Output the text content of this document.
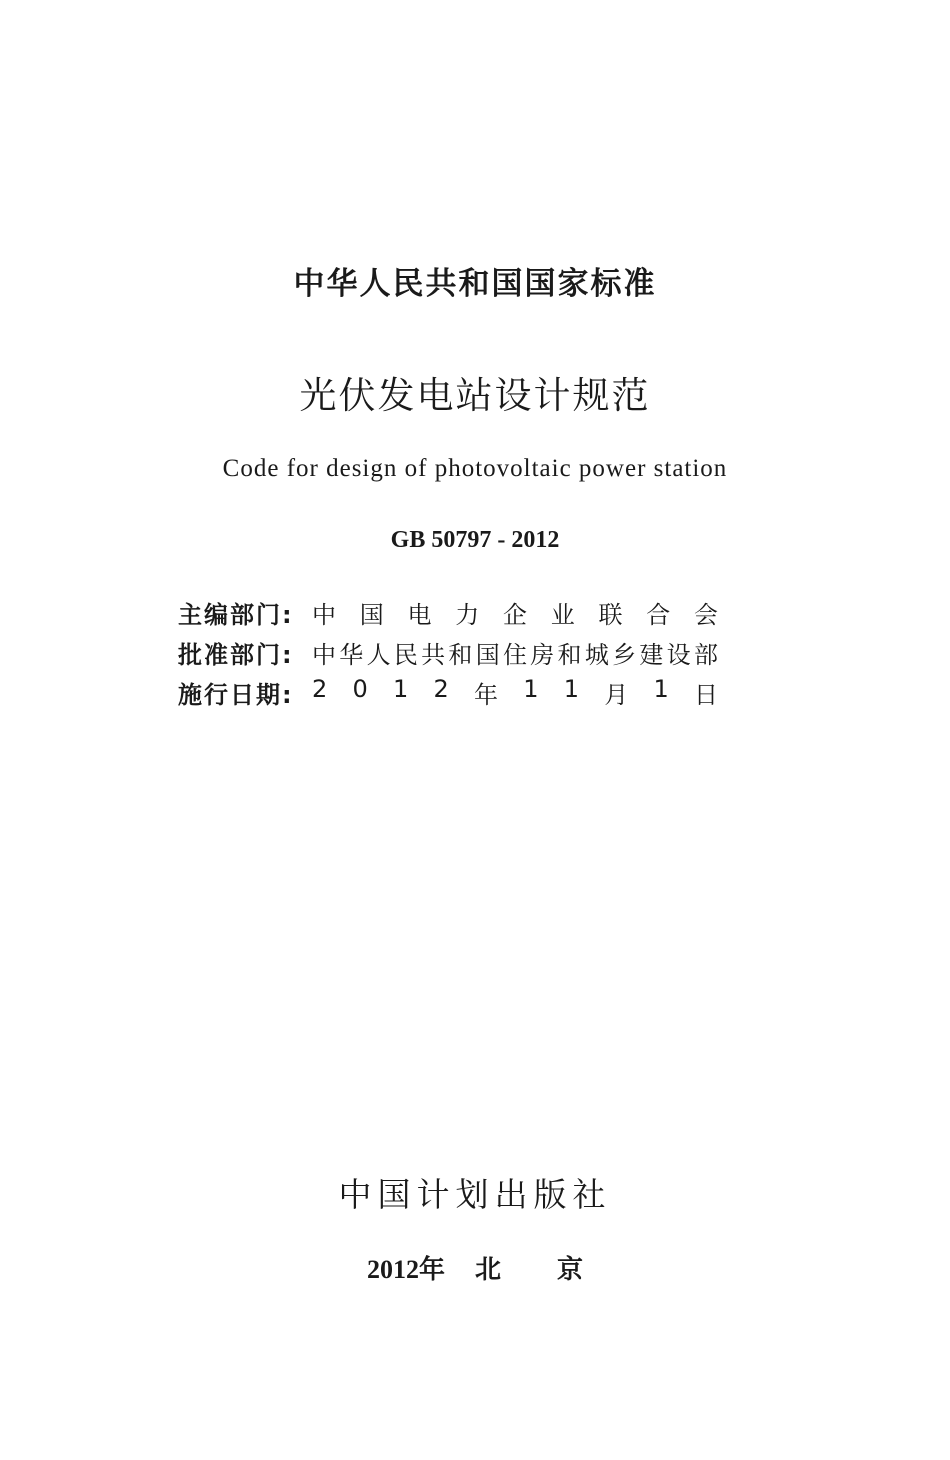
中华人民共和国国家标准
光伏发电站设计规范
Code for design of photovoltaic power station
GB 50797 - 2012
主编部门: 中 国 电 力 企 业 联 合 会
批准部门: 中 华 人 民 共 和 国 住 房 和 城 乡 建 设 部
施行日期: 2 0 1 2 年 1 1 月 1 日
中国计划出版社
2012年 北京
